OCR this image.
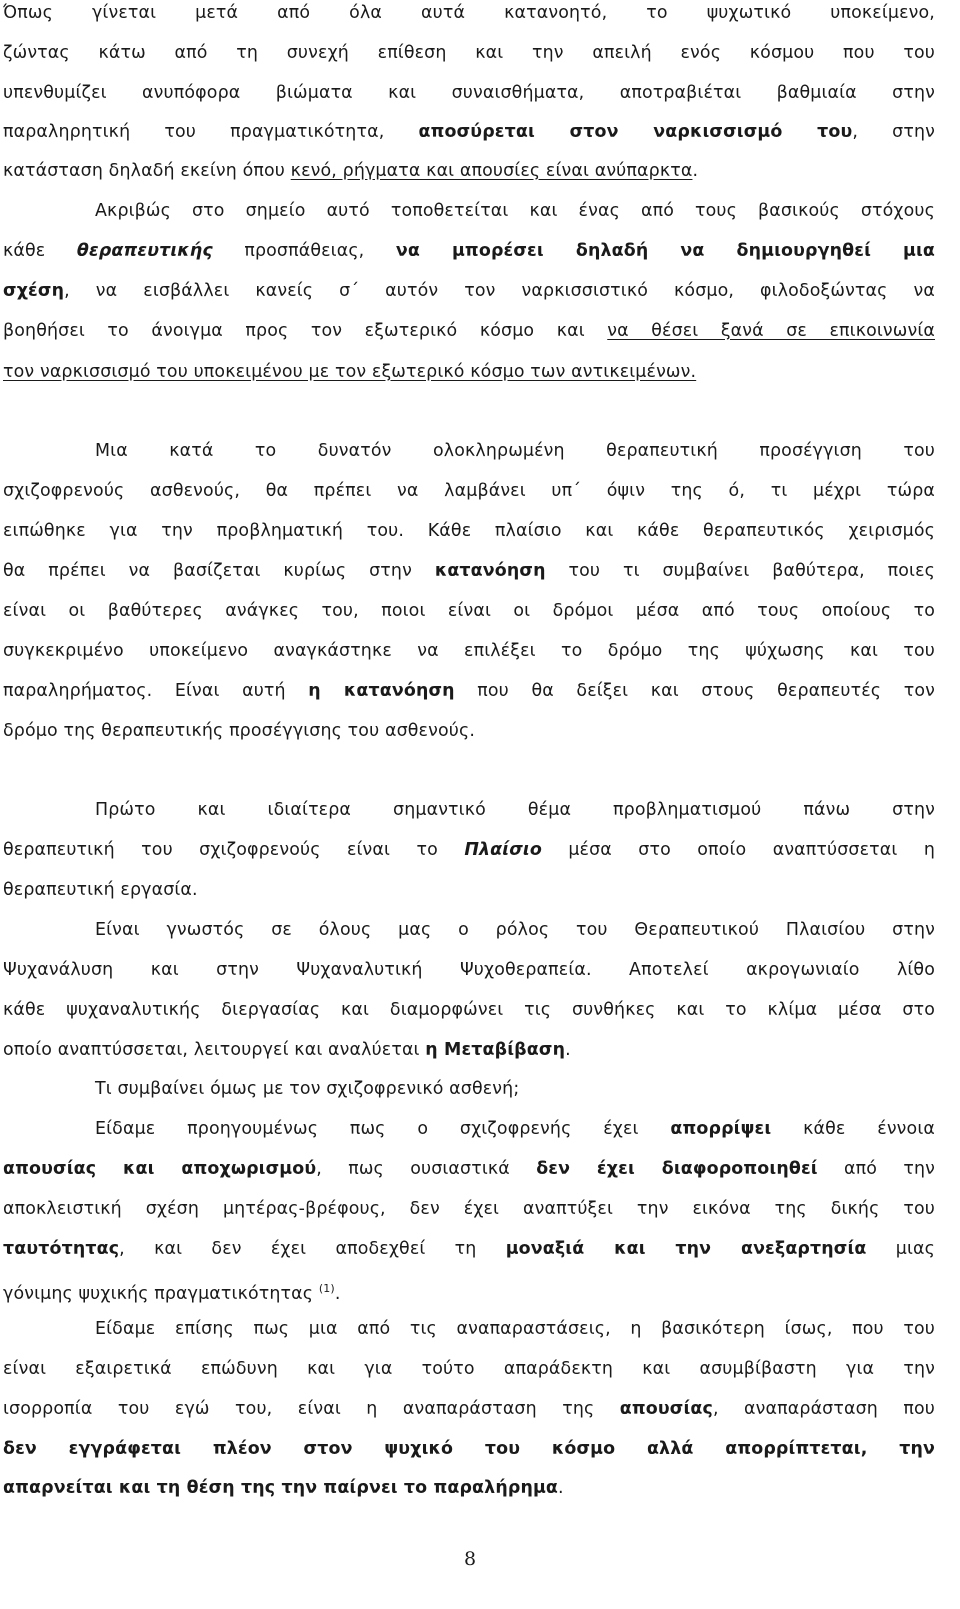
Όπως γίνεται μετά από όλα αυτά κατανοητό, το ψυχωτικό υποκείμενο,
ζώντας κάτω από τη συνεχή επίθεση και την απειλή ενός κόσμου που του
υπενθυμίζει ανυπόφορα βιώματα και συναισθήματα, αποτραβιέται βαθμιαία στην
παραληρητική του πραγματικότητα, αποσύρεται στον ναρκισσισμό του, στην
κατάσταση δηλαδή εκείνη όπου κενό, ρήγματα και απουσίες είναι ανύπαρκτα.
Ακριβώς στο σημείο αυτό τοποθετείται και ένας από τους βασικούς στόχους
κάθε θεραπευτικής προσπάθειας, να μπορέσει δηλαδή να δημιουργηθεί μια
σχέση, να εισβάλλει κανείς σ΄ αυτόν τον ναρκισσιστικό κόσμο, φιλοδοξώντας να
βοηθήσει το άνοιγμα προς τον εξωτερικό κόσμο και να θέσει ξανά σε επικοινωνία
τον ναρκισσισμό του υποκειμένου με τον εξωτερικό κόσμο των αντικειμένων.
Μια κατά το δυνατόν ολοκληρωμένη θεραπευτική προσέγγιση του
σχιζοφρενούς ασθενούς, θα πρέπει να λαμβάνει υπ΄ όψιν της ό, τι μέχρι τώρα
ειπώθηκε για την προβληματική του. Κάθε πλαίσιο και κάθε θεραπευτικός χειρισμός
θα πρέπει να βασίζεται κυρίως στην κατανόηση του τι συμβαίνει βαθύτερα, ποιες
είναι οι βαθύτερες ανάγκες του, ποιοι είναι οι δρόμοι μέσα από τους οποίους το
συγκεκριμένο υποκείμενο αναγκάστηκε να επιλέξει το δρόμο της ψύχωσης και του
παραληρήματος. Είναι αυτή η κατανόηση που θα δείξει και στους θεραπευτές τον
δρόμο της θεραπευτικής προσέγγισης του ασθενούς.
Πρώτο και ιδιαίτερα σημαντικό θέμα προβληματισμού πάνω στην
θεραπευτική του σχιζοφρενούς είναι το Πλαίσιο μέσα στο οποίο αναπτύσσεται η
θεραπευτική εργασία.
Είναι γνωστός σε όλους μας ο ρόλος του Θεραπευτικού Πλαισίου στην
Ψυχανάλυση και στην Ψυχαναλυτική Ψυχοθεραπεία. Αποτελεί ακρογωνιαίο λίθο
κάθε ψυχαναλυτικής διεργασίας και διαμορφώνει τις συνθήκες και το κλίμα μέσα στο
οποίο αναπτύσσεται, λειτουργεί και αναλύεται η Μεταβίβαση.
Τι συμβαίνει όμως με τον σχιζοφρενικό ασθενή;
Είδαμε προηγουμένως πως ο σχιζοφρενής έχει απορρίψει κάθε έννοια
απουσίας και αποχωρισμού, πως ουσιαστικά δεν έχει διαφοροποιηθεί από την
αποκλειστική σχέση μητέρας-βρέφους, δεν έχει αναπτύξει την εικόνα της δικής του
ταυτότητας, και δεν έχει αποδεχθεί τη μοναξιά και την ανεξαρτησία μιας
γόνιμης ψυχικής πραγματικότητας $^{(1)}$.
Είδαμε επίσης πως μια από τις αναπαραστάσεις, η βασικότερη ίσως, που του
είναι εξαιρετικά επώδυνη και για τούτο απαράδεκτη και ασυμβίβαστη για την
ισορροπία του εγώ του, είναι η αναπαράσταση της απουσίας, αναπαράσταση που
δεν εγγράφεται πλέον στον ψυχικό του κόσμο αλλά απορρίπτεται, την
απαρνείται και τη θέση της την παίρνει το παραλήρημα.
8
